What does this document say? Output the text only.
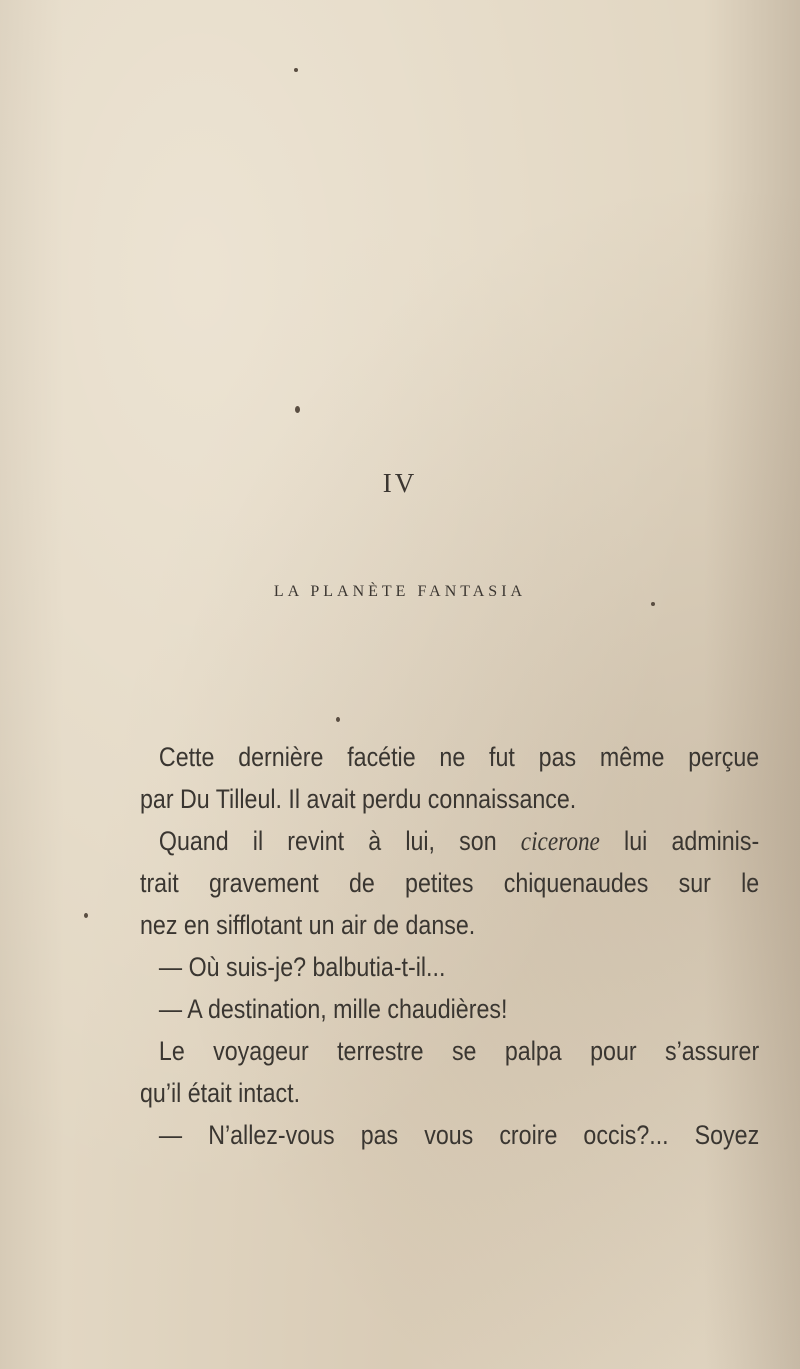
IV
LA PLANÈTE FANTASIA
Cette dernière facétie ne fut pas même perçue
par Du Tilleul. Il avait perdu connaissance.
Quand il revint à lui, son cicerone lui adminis-
trait gravement de petites chiquenaudes sur le
nez en sifflotant un air de danse.
— Où suis-je? balbutia-t-il...
— A destination, mille chaudières!
Le voyageur terrestre se palpa pour s’assurer
qu’il était intact.
— N’allez-vous pas vous croire occis?... Soyez
